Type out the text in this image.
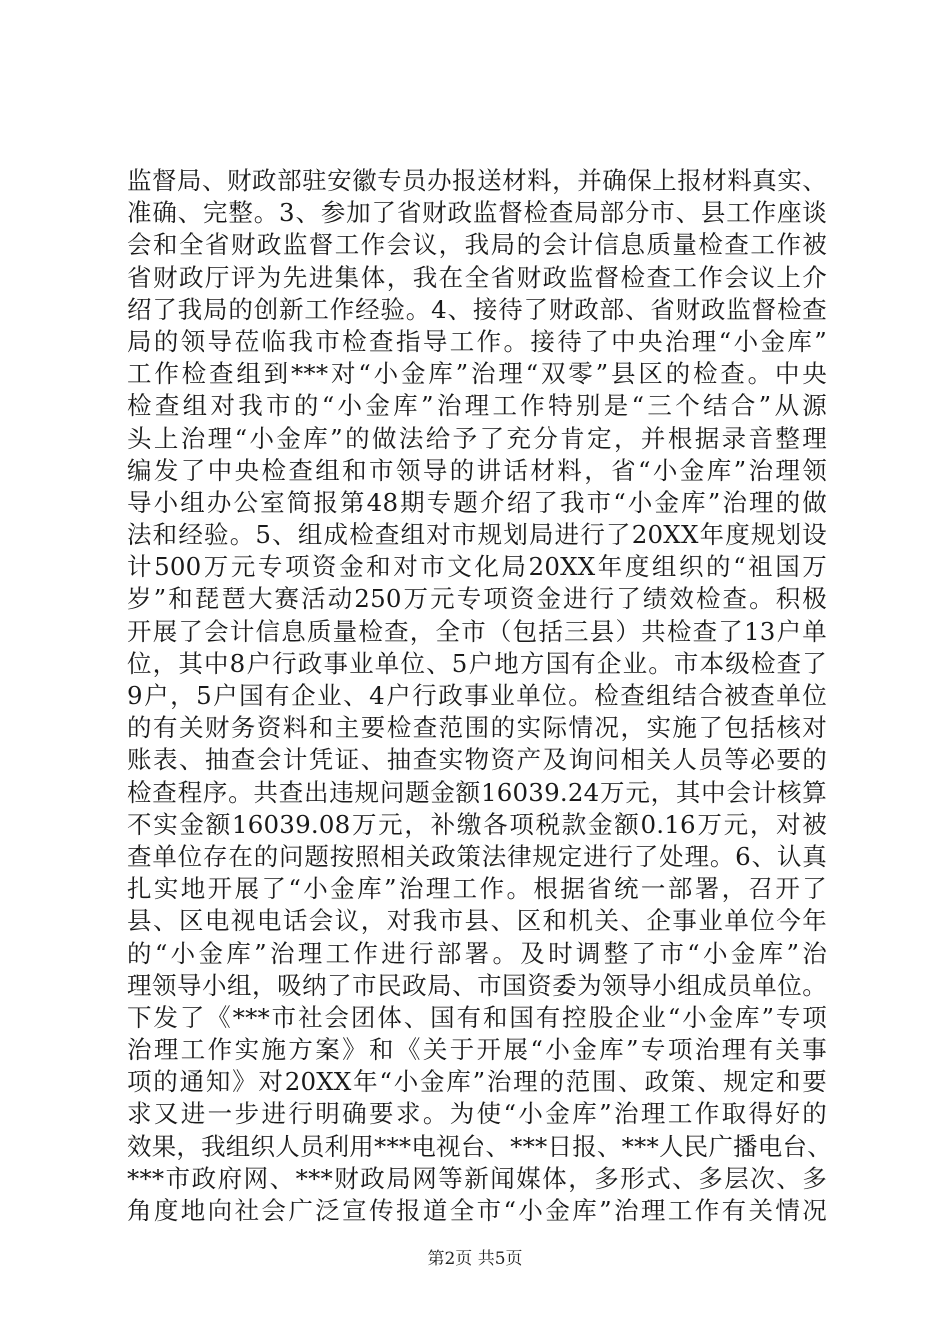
监督局、财政部驻安徽专员办报送材料，并确保上报材料真实、
准确、完整。3、参加了省财政监督检查局部分市、县工作座谈
会和全省财政监督工作会议，我局的会计信息质量检查工作被
省财政厅评为先进集体，我在全省财政监督检查工作会议上介
绍了我局的创新工作经验。4、接待了财政部、省财政监督检查
局的领导莅临我市检查指导工作。接待了中央治理“小金库”
工作检查组到***对“小金库”治理“双零”县区的检查。中央
检查组对我市的“小金库”治理工作特别是“三个结合”从源
头上治理“小金库”的做法给予了充分肯定，并根据录音整理
编发了中央检查组和市领导的讲话材料，省“小金库”治理领
导小组办公室简报第48期专题介绍了我市“小金库”治理的做
法和经验。5、组成检查组对市规划局进行了20XX年度规划设
计500万元专项资金和对市文化局20XX年度组织的“祖国万
岁”和琵琶大赛活动250万元专项资金进行了绩效检查。积极
开展了会计信息质量检查，全市（包括三县）共检查了13户单
位，其中8户行政事业单位、5户地方国有企业。市本级检查了
9户，5户国有企业、4户行政事业单位。检查组结合被查单位
的有关财务资料和主要检查范围的实际情况，实施了包括核对
账表、抽查会计凭证、抽查实物资产及询问相关人员等必要的
检查程序。共查出违规问题金额16039.24万元，其中会计核算
不实金额16039.08万元，补缴各项税款金额0.16万元，对被
查单位存在的问题按照相关政策法律规定进行了处理。6、认真
扎实地开展了“小金库”治理工作。根据省统一部署，召开了
县、区电视电话会议，对我市县、区和机关、企事业单位今年
的“小金库”治理工作进行部署。及时调整了市“小金库”治
理领导小组，吸纳了市民政局、市国资委为领导小组成员单位。
下发了《***市社会团体、国有和国有控股企业“小金库”专项
治理工作实施方案》和《关于开展“小金库”专项治理有关事
项的通知》对20XX年“小金库”治理的范围、政策、规定和要
求又进一步进行明确要求。为使“小金库”治理工作取得好的
效果，我组织人员利用***电视台、***日报、***人民广播电台、
***市政府网、***财政局网等新闻媒体，多形式、多层次、多
角度地向社会广泛宣传报道全市“小金库”治理工作有关情况
第2页 共5页
